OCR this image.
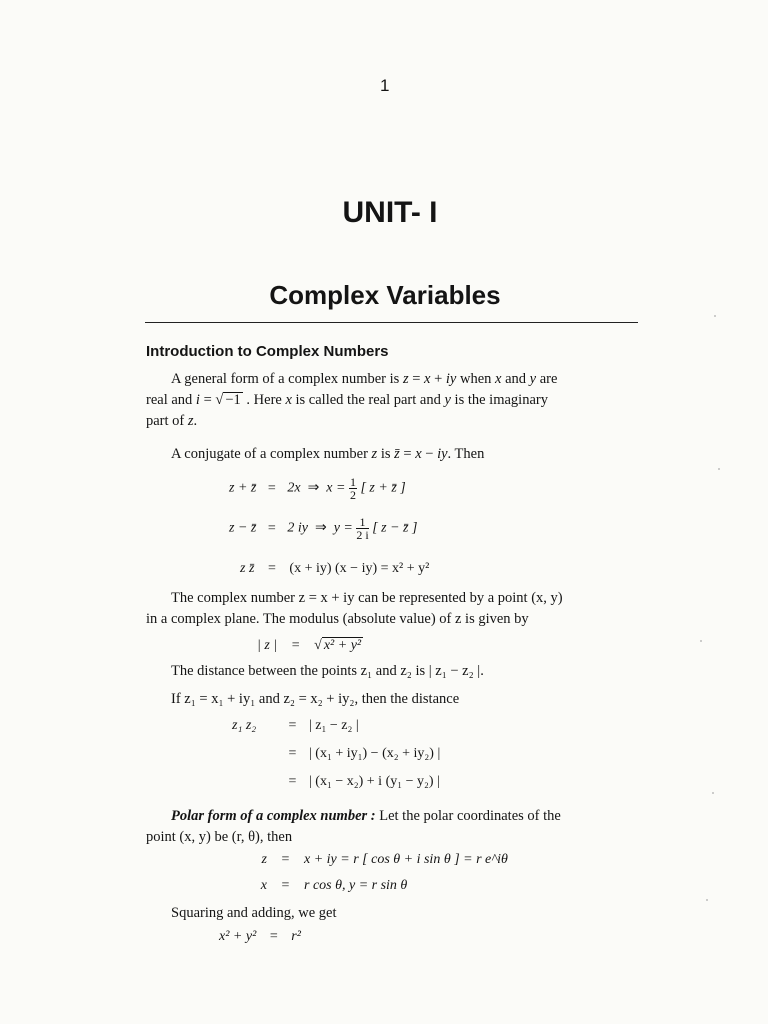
1
UNIT- I
Complex Variables
Introduction to Complex Numbers
A general form of a complex number is z = x + iy when x and y are
real and i = √ −1 . Here x is called the real part and y is the imaginary
part of z.
A conjugate of a complex number z is z̄ = x − iy. Then
z + z̄ = 2x  ⇒  $x = \frac{1}{2}$ [ z + z̄ ]
z − z̄ = 2 iy  ⇒  $y = \frac{1}{2 i}$ [ z − z̄ ]
z z̄ = (x + iy) (x − iy) = x² + y²
The complex number z = x + iy can be represented by a point (x, y)
in a complex plane. The modulus (absolute value) of z is given by
| z | = √ x² + y²
The distance between the points z₁ and z₂ is | z₁ − z₂ |.
If z₁ = x₁ + iy₁ and z₂ = x₂ + iy₂, then the distance
z₁ z₂ = | z₁ − z₂ |
= | (x₁ + iy₁) − (x₂ + iy₂) |
= | (x₁ − x₂) + i (y₁ − y₂) |
Polar form of a complex number : Let the polar coordinates of the
point (x, y) be (r, θ), then
z = x + iy = r [ cos θ + i sin θ ] = r e^iθ
x = r cos θ, y = r sin θ
Squaring and adding, we get
x² + y² = r²
